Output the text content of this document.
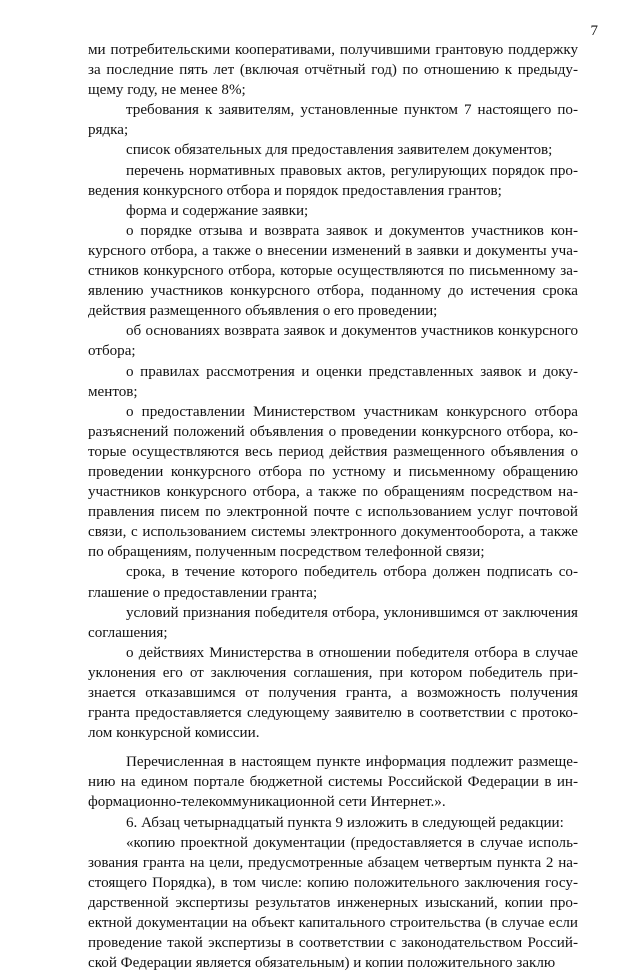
7

ми потребительскими кооперативами, получившими грантовую поддержку за последние пять лет (включая отчётный год) по отношению к предыдущему году, не менее 8%;

требования к заявителям, установленные пунктом 7 настоящего порядка;

список обязательных для предоставления заявителем документов;

перечень нормативных правовых актов, регулирующих порядок проведения конкурсного отбора и порядок предоставления грантов;

форма и содержание заявки;

о порядке отзыва и возврата заявок и документов участников конкурсного отбора, а также о внесении изменений в заявки и документы участников конкурсного отбора, которые осуществляются по письменному заявлению участников конкурсного отбора, поданному до истечения срока действия размещенного объявления о его проведении;

об основаниях возврата заявок и документов участников конкурсного отбора;

о правилах рассмотрения и оценки представленных заявок и документов;

о предоставлении Министерством участникам конкурсного отбора разъяснений положений объявления о проведении конкурсного отбора, которые осуществляются весь период действия размещенного объявления о проведении конкурсного отбора по устному и письменному обращению участников конкурсного отбора, а также по обращениям посредством направления писем по электронной почте с использованием услуг почтовой связи, с использованием системы электронного документооборота, а также по обращениям, полученным посредством телефонной связи;

срока, в течение которого победитель отбора должен подписать соглашение о предоставлении гранта;

условий признания победителя отбора, уклонившимся от заключения соглашения;

о действиях Министерства в отношении победителя отбора в случае уклонения его от заключения соглашения, при котором победитель признается отказавшимся от получения гранта, а возможность получения гранта предоставляется следующему заявителю в соответствии с протоколом конкурсной комиссии.

Перечисленная в настоящем пункте информация подлежит размещению на едином портале бюджетной системы Российской Федерации в информационно-телекоммуникационной сети Интернет.».

6. Абзац четырнадцатый пункта 9 изложить в следующей редакции:

«копию проектной документации (предоставляется в случае использования гранта на цели, предусмотренные абзацем четвертым пункта 2 настоящего Порядка), в том числе: копию положительного заключения государственной экспертизы результатов инженерных изысканий, копии проектной документации на объект капитального строительства (в случае если проведение такой экспертизы в соответствии с законодательством Российской Федерации является обязательным) и копии положительного заклю
